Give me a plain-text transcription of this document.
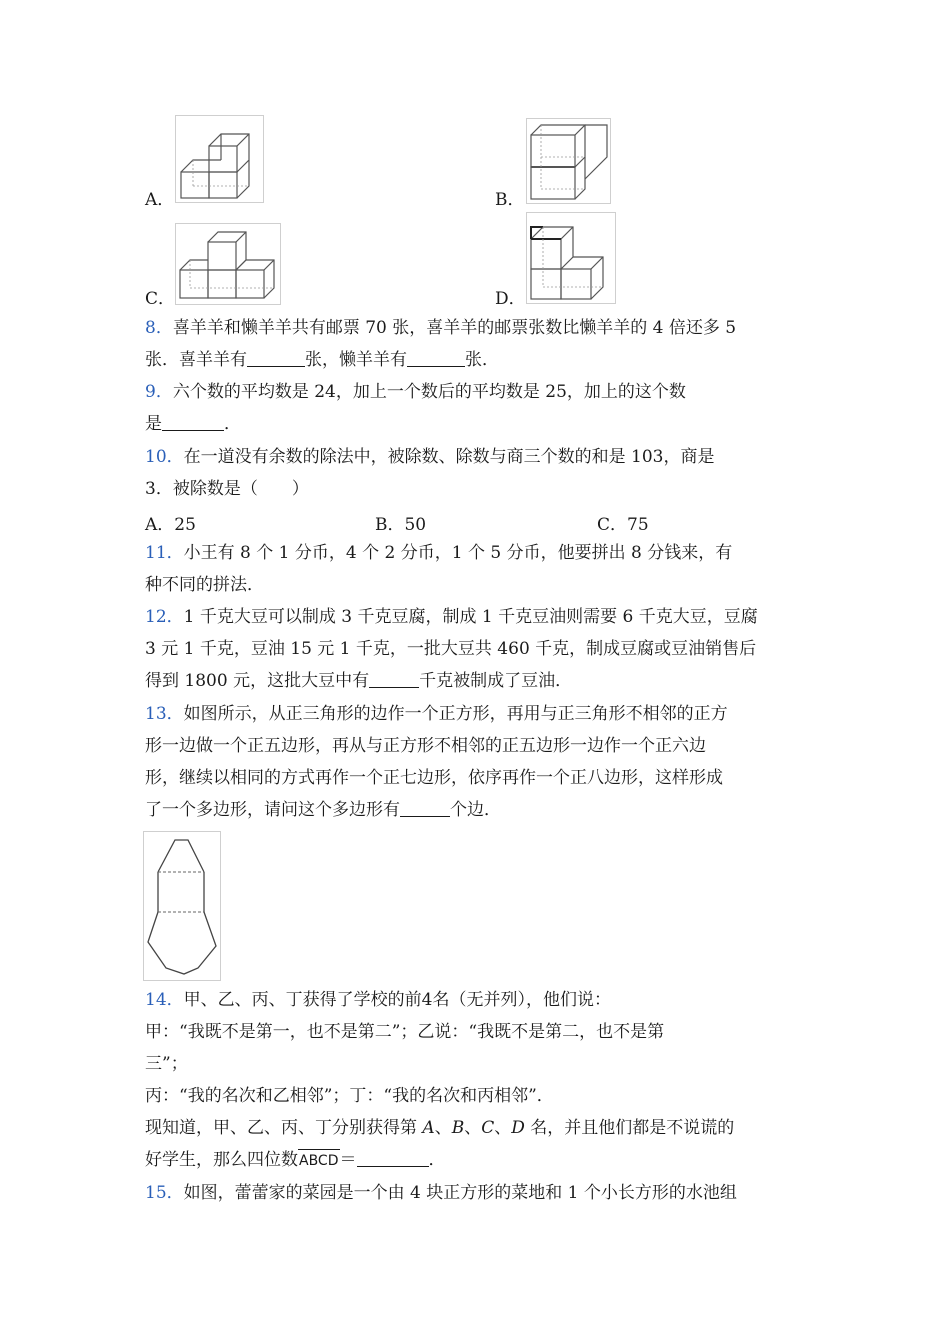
A．	B．
C．	D．
8．喜羊羊和懒羊羊共有邮票 70 张，喜羊羊的邮票张数比懒羊羊的 4 倍还多 5
张．喜羊羊有	张，懒羊羊有	张．
9．六个数的平均数是 24，加上一个数后的平均数是 25，加上的这个数
是	．
10．在一道没有余数的除法中，被除数、除数与商三个数的和是 103，商是
3．被除数是（　　）
A．25	B．50	C．75
11．小王有 8 个 1 分币，4 个 2 分币，1 个 5 分币，他要拼出 8 分钱来，有
种不同的拼法．
12．1 千克大豆可以制成 3 千克豆腐，制成 1 千克豆油则需要 6 千克大豆，豆腐
3 元 1 千克，豆油 15 元 1 千克，一批大豆共 460 千克，制成豆腐或豆油销售后
得到 1800 元，这批大豆中有	千克被制成了豆油．
13．如图所示，从正三角形的边作一个正方形，再用与正三角形不相邻的正方
形一边做一个正五边形，再从与正方形不相邻的正五边形一边作一个正六边
形，继续以相同的方式再作一个正七边形，依序再作一个正八边形，这样形成
了一个多边形，请问这个多边形有	个边．
14．甲、乙、丙、丁获得了学校的前4名（无并列），他们说：
甲：“我既不是第一，也不是第二”；乙说：“我既不是第二，也不是第
三”；
丙：“我的名次和乙相邻”；丁：“我的名次和丙相邻”．
现知道，甲、乙、丙、丁分别获得第 A、B、C、D 名，并且他们都是不说谎的
好学生，那么四位数ABCD＝	．
15．如图，蕾蕾家的菜园是一个由 4 块正方形的菜地和 1 个小长方形的水池组
